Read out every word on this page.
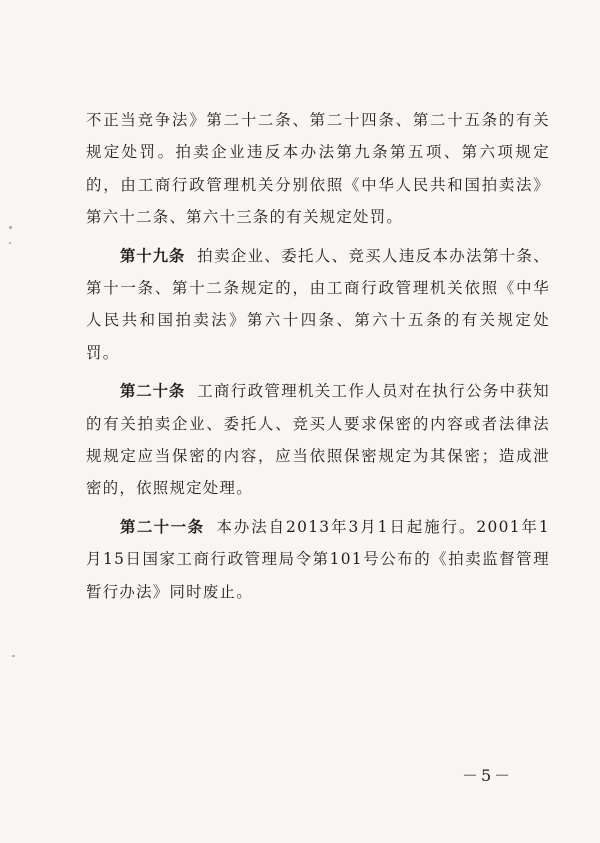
不正当竞争法》第二十二条、第二十四条、第二十五条的有关规定处罚。拍卖企业违反本办法第九条第五项、第六项规定的，由工商行政管理机关分别依照《中华人民共和国拍卖法》第六十二条、第六十三条的有关规定处罚。

第十九条 拍卖企业、委托人、竞买人违反本办法第十条、第十一条、第十二条规定的，由工商行政管理机关依照《中华人民共和国拍卖法》第六十四条、第六十五条的有关规定处罚。

第二十条 工商行政管理机关工作人员对在执行公务中获知的有关拍卖企业、委托人、竞买人要求保密的内容或者法律法规规定应当保密的内容，应当依照保密规定为其保密；造成泄密的，依照规定处理。

第二十一条 本办法自2013年3月1日起施行。2001年1月15日国家工商行政管理局令第101号公布的《拍卖监督管理暂行办法》同时废止。

－5－
